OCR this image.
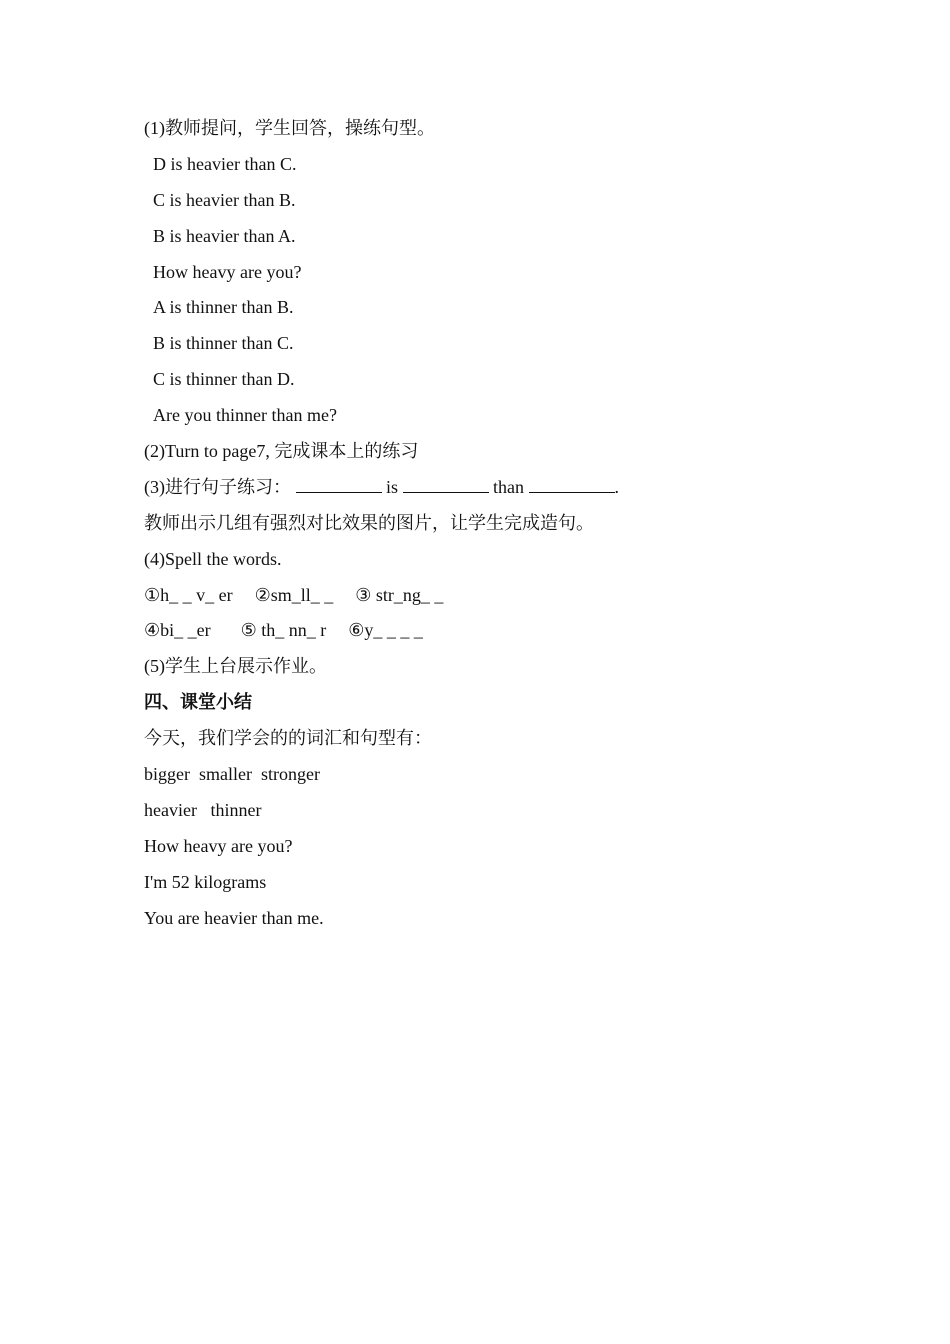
(1)教师提问，学生回答，操练句型。
D is heavier than C.
C is heavier than B.
B is heavier than A.
How heavy are you?
A is thinner than B.
B is thinner than C.
C is thinner than D.
Are you thinner than me?
(2)Turn to page7, 完成课本上的练习
(3)进行句子练习：	is	than	.
教师出示几组有强烈对比效果的图片，让学生完成造句。
(4)Spell the words.
①h_ _ v_ er ②sm_ll_ _ ③ str_ng_ _
④bi_ _er ⑤ th_ nn_ r ⑥y_ _ _ _
(5)学生上台展示作业。
四、课堂小结
今天，我们学会的的词汇和句型有：
bigger  smaller  stronger
heavier   thinner
How heavy are you?
I'm 52 kilograms
You are heavier than me.
